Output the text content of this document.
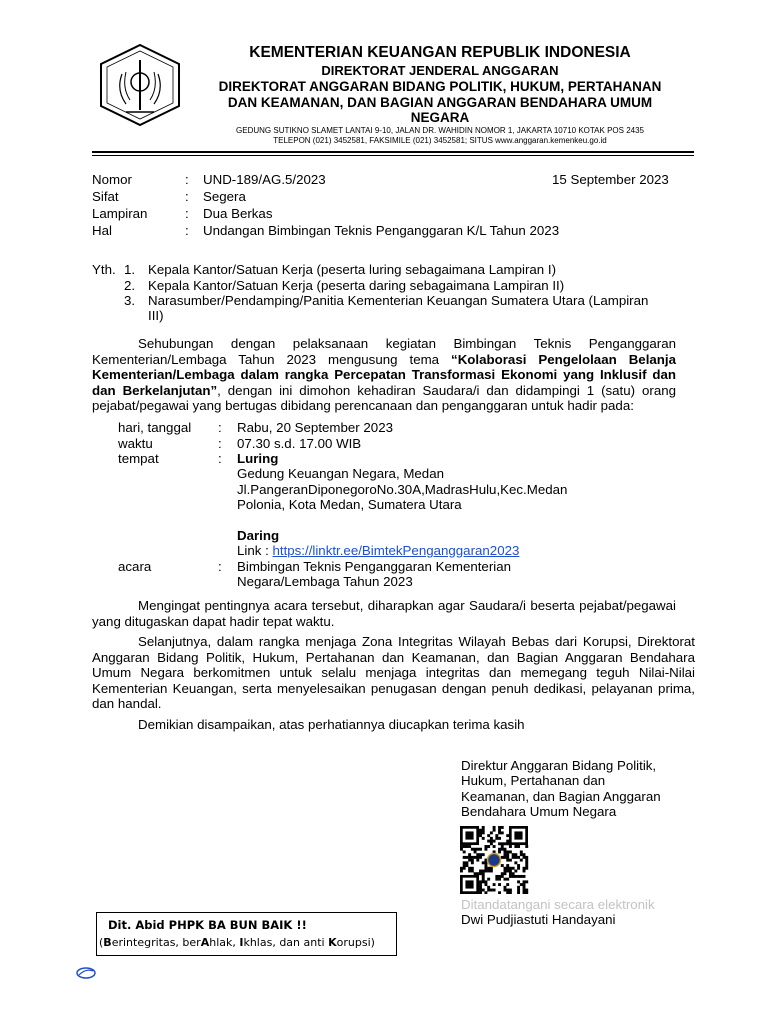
KEMENTERIAN KEUANGAN REPUBLIK INDONESIA
DIREKTORAT JENDERAL ANGGARAN
DIREKTORAT ANGGARAN BIDANG POLITIK, HUKUM, PERTAHANAN
DAN KEAMANAN, DAN BAGIAN ANGGARAN BENDAHARA UMUM
NEGARA
GEDUNG SUTIKNO SLAMET LANTAI 9-10, JALAN DR. WAHIDIN NOMOR 1, JAKARTA 10710 KOTAK POS 2435
TELEPON (021) 3452581, FAKSIMILE (021) 3452581; SITUS www.anggaran.kemenkeu.go.id
Nomor	: UND-189/AG.5/2023	15 September 2023
Sifat	: Segera
Lampiran	: Dua Berkas
Hal	: Undangan Bimbingan Teknis Penganggaran K/L Tahun 2023
Yth. 1. Kepala Kantor/Satuan Kerja (peserta luring sebagaimana Lampiran I)
2. Kepala Kantor/Satuan Kerja (peserta daring sebagaimana Lampiran II)
3. Narasumber/Pendamping/Panitia Kementerian Keuangan Sumatera Utara (Lampiran
III)
Sehubungan dengan pelaksanaan kegiatan Bimbingan Teknis Penganggaran Kementerian/Lembaga Tahun 2023 mengusung tema “Kolaborasi Pengelolaan Belanja Kementerian/Lembaga dalam rangka Percepatan Transformasi Ekonomi yang Inklusif dan dan Berkelanjutan”, dengan ini dimohon kehadiran Saudara/i dan didampingi 1 (satu) orang pejabat/pegawai yang bertugas dibidang perencanaan dan penganggaran untuk hadir pada:
hari, tanggal : Rabu, 20 September 2023
waktu	: 07.30 s.d. 17.00 WIB
tempat	: Luring
Gedung Keuangan Negara, Medan
Jl.PangeranDiponegoroNo.30A,MadrasHulu,Kec.Medan
Polonia, Kota Medan, Sumatera Utara
Daring
Link : https://linktr.ee/BimtekPenganggaran2023
acara	: Bimbingan Teknis Penganggaran Kementerian
Negara/Lembaga Tahun 2023
Mengingat pentingnya acara tersebut, diharapkan agar Saudara/i beserta pejabat/pegawai yang ditugaskan dapat hadir tepat waktu.
Selanjutnya, dalam rangka menjaga Zona Integritas Wilayah Bebas dari Korupsi, Direktorat Anggaran Bidang Politik, Hukum, Pertahanan dan Keamanan, dan Bagian Anggaran Bendahara Umum Negara berkomitmen untuk selalu menjaga integritas dan memegang teguh Nilai-Nilai Kementerian Keuangan, serta menyelesaikan penugasan dengan penuh dedikasi, pelayanan prima, dan handal.
Demikian disampaikan, atas perhatiannya diucapkan terima kasih
Direktur Anggaran Bidang Politik,
Hukum, Pertahanan dan
Keamanan, dan Bagian Anggaran
Bendahara Umum Negara
Ditandatangani secara elektronik
Dwi Pudjiastuti Handayani
Dit. Abid PHPK BA BUN BAIK !!
(Berintegritas, berAhlak, Ikhlas, dan anti Korupsi)
